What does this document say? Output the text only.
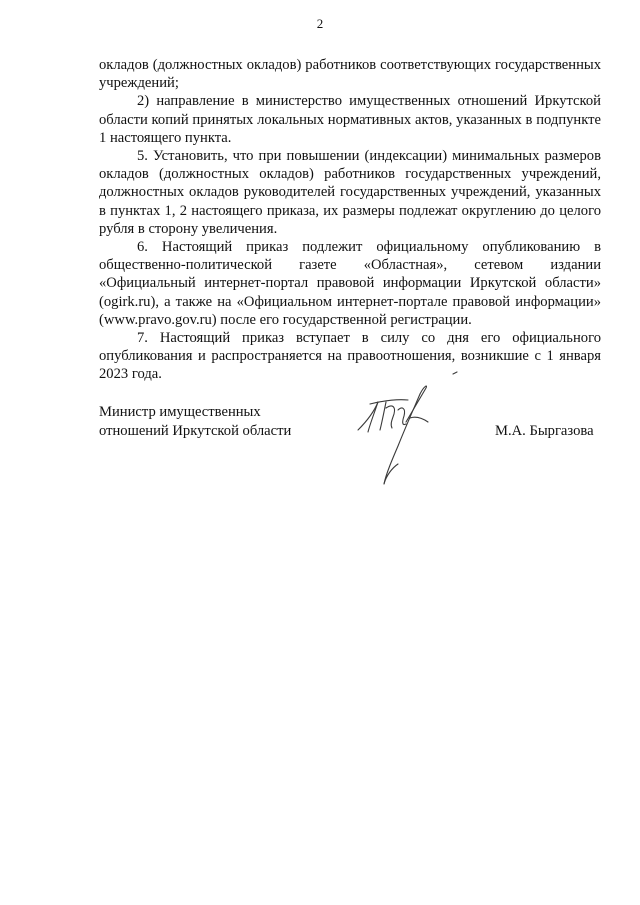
2

окладов (должностных окладов) работников соответствующих государственных учреждений;

2) направление в министерство имущественных отношений Иркутской области копий принятых локальных нормативных актов, указанных в подпункте 1 настоящего пункта.

5. Установить, что при повышении (индексации) минимальных размеров окладов (должностных окладов) работников государственных учреждений, должностных окладов руководителей государственных учреждений, указанных в пунктах 1, 2 настоящего приказа, их размеры подлежат округлению до целого рубля в сторону увеличения.

6. Настоящий приказ подлежит официальному опубликованию в общественно-политической газете «Областная», сетевом издании «Официальный интернет-портал правовой информации Иркутской области» (ogirk.ru), а также на «Официальном интернет-портале правовой информации» (www.pravo.gov.ru) после его государственной регистрации.

7. Настоящий приказ вступает в силу со дня его официального опубликования и распространяется на правоотношения, возникшие с 1 января 2023 года.

Министр имущественных
отношений Иркутской области	М.А. Быргазова
